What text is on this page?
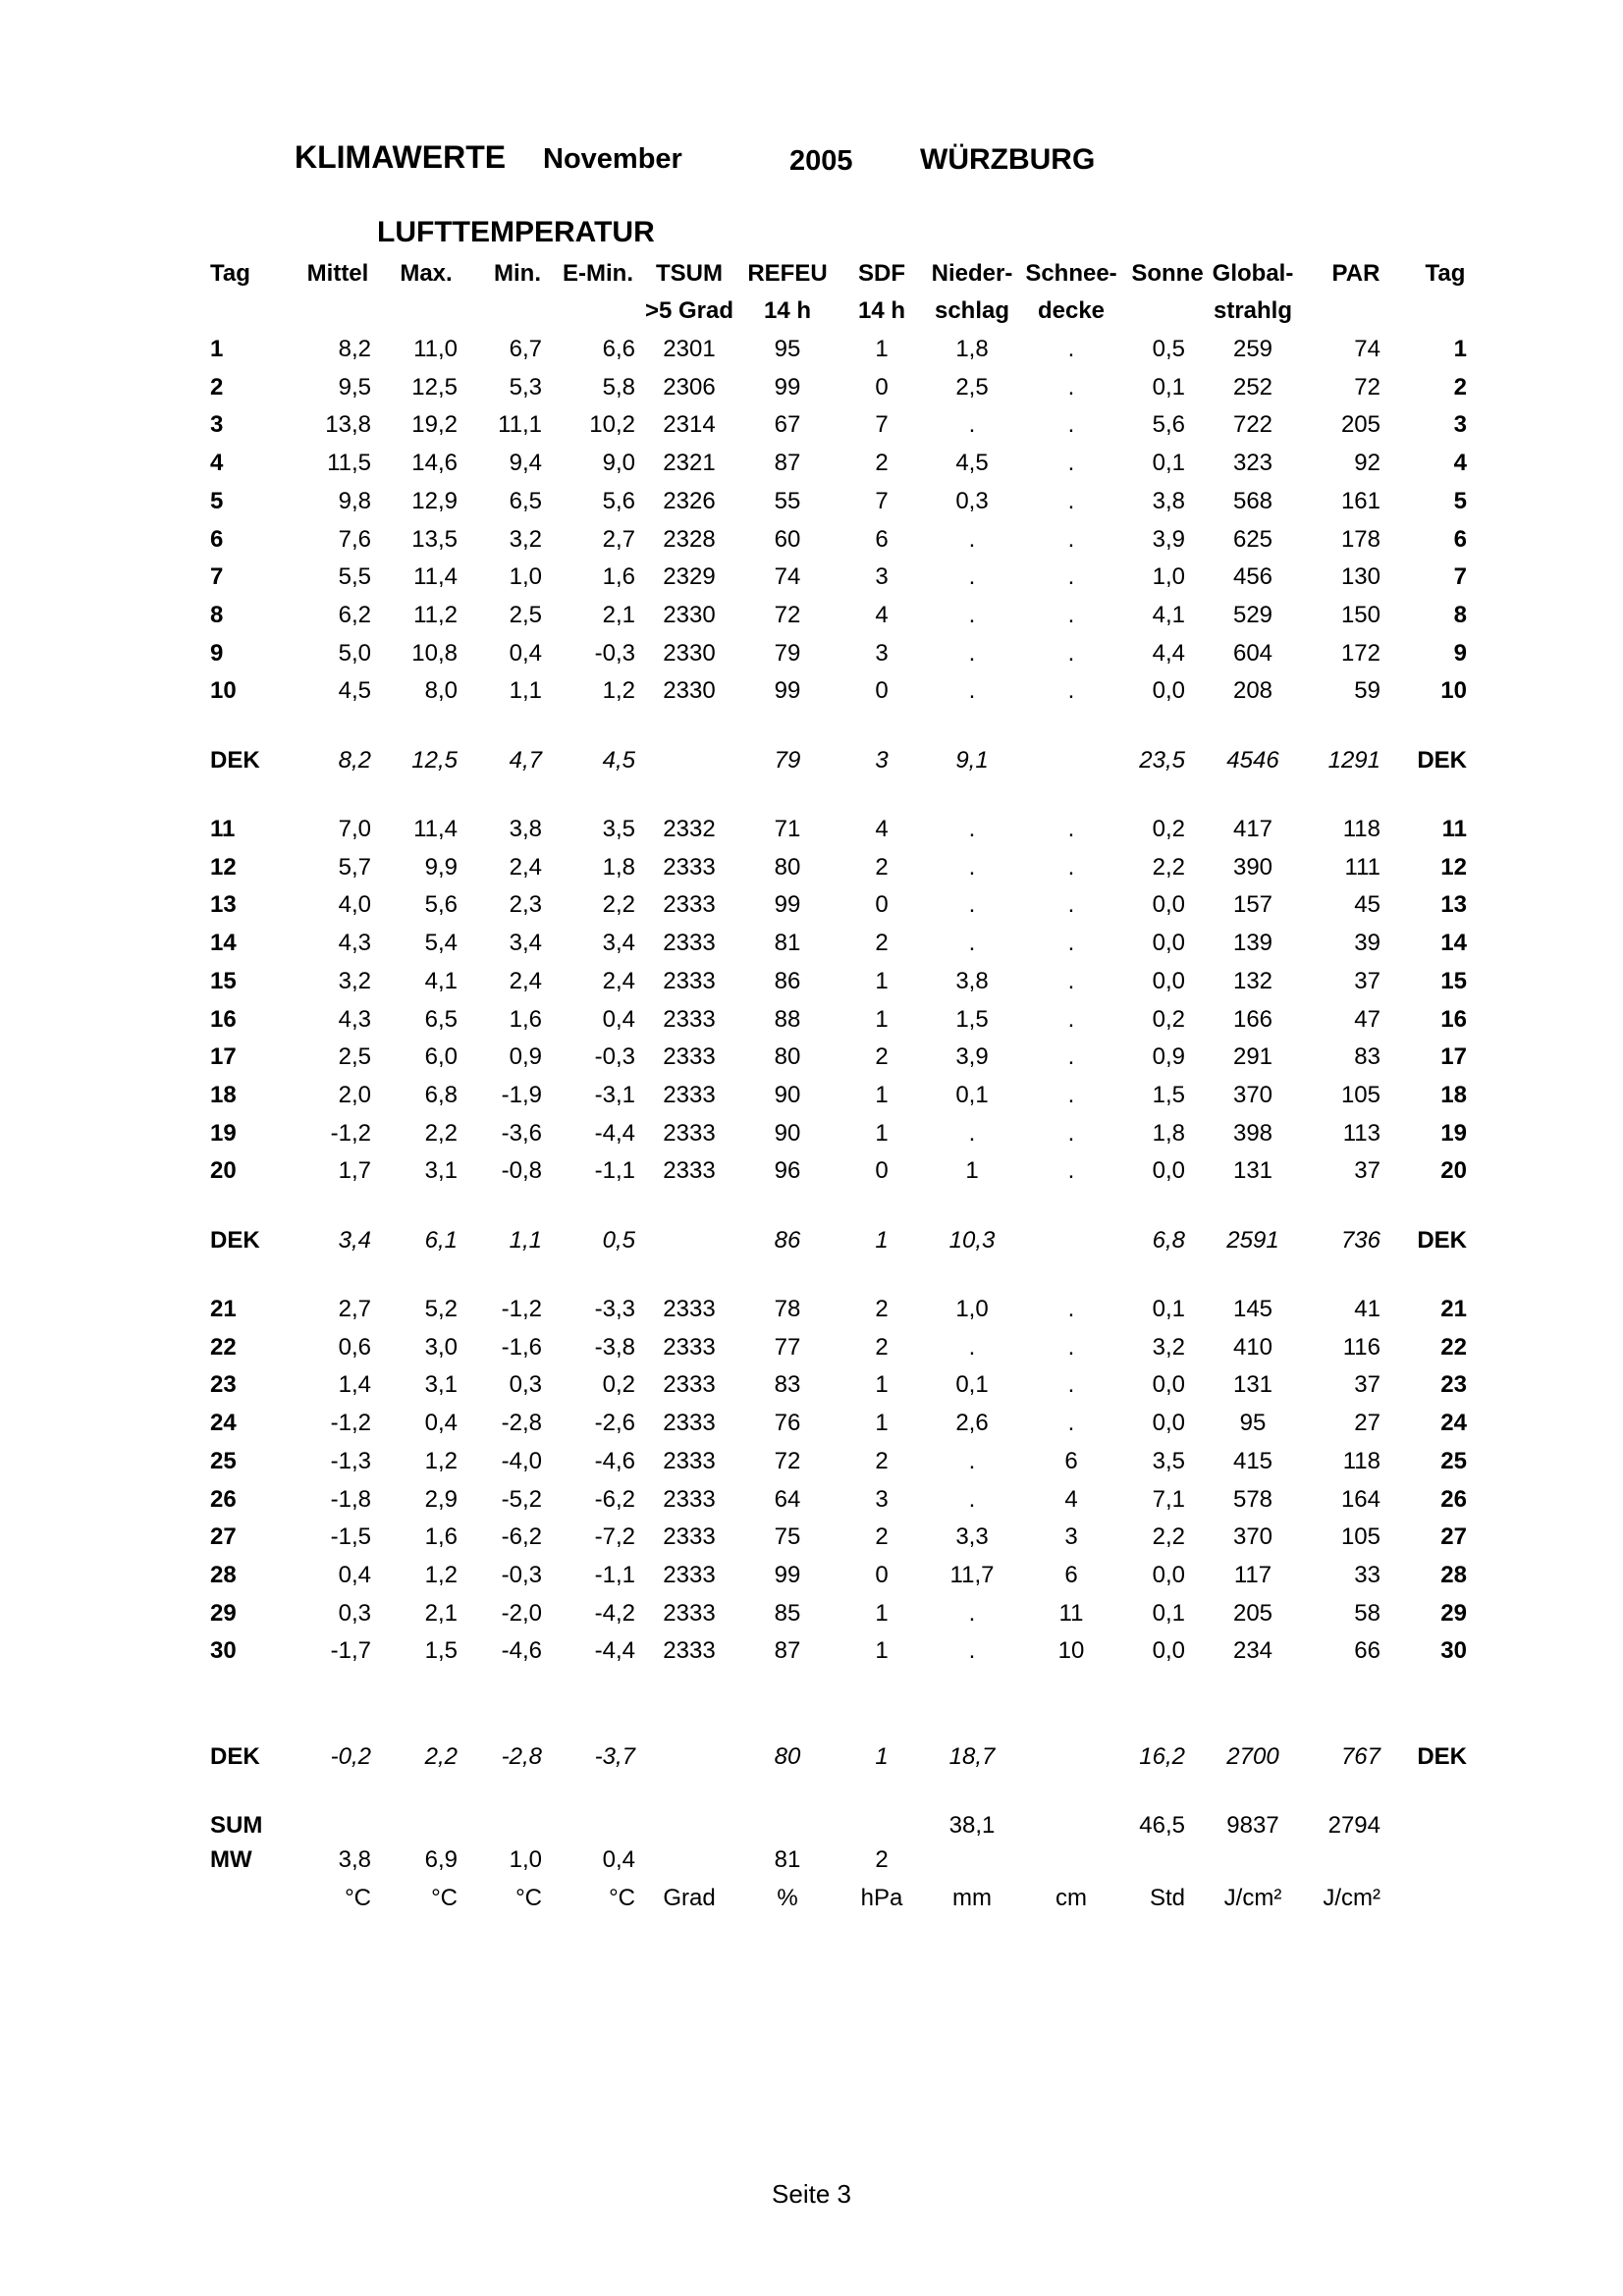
KLIMAWERTE November	2005 WÜRZBURG
LUFTTEMPERATUR
Tag Mittel Max. Min. E-Min. TSUM REFEU SDF Nieder- Schnee- Sonne Global- PAR Tag
>5 Grad 14 h 14 h schlag decke	strahlg
1	8,2 11,0 6,7	6,6 2301 95	1	1,8	.	0,5 259	74	1
2	9,5 12,5 5,3	5,8 2306 99	0	2,5	.	0,1 252	72	2
3	13,8 19,2 11,1 10,2 2314 67	7	.	.	5,6 722	205	3
4	11,5 14,6 9,4	9,0 2321 87	2	4,5	.	0,1 323	92	4
5	9,8 12,9 6,5	5,6 2326 55	7	0,3	.	3,8 568	161	5
6	7,6 13,5 3,2	2,7 2328 60	6	.	.	3,9 625	178	6
7	5,5 11,4 1,0	1,6 2329 74	3	.	.	1,0 456	130	7
8	6,2 11,2 2,5	2,1 2330 72	4	.	.	4,1 529	150	8
9	5,0 10,8 0,4 -0,3 2330 79	3	.	.	4,4 604	172	9
10	4,5 8,0 1,1	1,2 2330 99	0	.	.	0,0 208	59	10
DEK	8,2 12,5 4,7	4,5	79	3	9,1	23,5 4546 1291 DEK
11	7,0 11,4 3,8	3,5 2332 71	4	.	.	0,2 417	118	11
12	5,7 9,9 2,4	1,8 2333 80	2	.	.	2,2 390	111	12
13	4,0 5,6 2,3	2,2 2333 99	0	.	.	0,0 157	45	13
14	4,3 5,4 3,4	3,4 2333 81	2	.	.	0,0 139	39	14
15	3,2 4,1 2,4	2,4 2333 86	1	3,8	.	0,0 132	37	15
16	4,3 6,5 1,6	0,4 2333 88	1	1,5	.	0,2 166	47	16
17	2,5 6,0 0,9 -0,3 2333 80	2	3,9	.	0,9 291	83	17
18	2,0 6,8 -1,9 -3,1 2333 90	1	0,1	.	1,5 370	105	18
19	-1,2 2,2 -3,6 -4,4 2333 90	1	.	.	1,8 398	113	19
20	1,7 3,1 -0,8 -1,1 2333 96	0	1	.	0,0 131	37	20
DEK	3,4 6,1 1,1	0,5	86	1	10,3	6,8 2591	736 DEK
21	2,7 5,2 -1,2 -3,3 2333 78	2	1,0	.	0,1 145	41	21
22	0,6 3,0 -1,6 -3,8 2333 77	2	.	.	3,2 410	116	22
23	1,4 3,1 0,3	0,2 2333 83	1	0,1	.	0,0 131	37	23
24	-1,2 0,4 -2,8 -2,6 2333 76	1	2,6	.	0,0 95	27	24
25	-1,3 1,2 -4,0 -4,6 2333 72	2	.	6	3,5 415	118	25
26	-1,8 2,9 -5,2 -6,2 2333 64	3	.	4	7,1 578	164	26
27	-1,5 1,6 -6,2 -7,2 2333 75	2	3,3	3	2,2 370	105	27
28	0,4 1,2 -0,3 -1,1 2333 99	0	11,7	6	0,0 117	33	28
29	0,3 2,1 -2,0 -4,2 2333 85	1	.	11	0,1 205	58	29
30	-1,7 1,5 -4,6 -4,4 2333 87	1	.	10	0,0 234	66	30
DEK	-0,2 2,2 -2,8 -3,7	80	1	18,7	16,2 2700	767 DEK
SUM	38,1	46,5 9837 2794
MW	3,8 6,9 1,0	0,4	81	2
°C	°C °C	°C Grad	%	hPa mm	cm	Std J/cm² J/cm²
Seite 3
